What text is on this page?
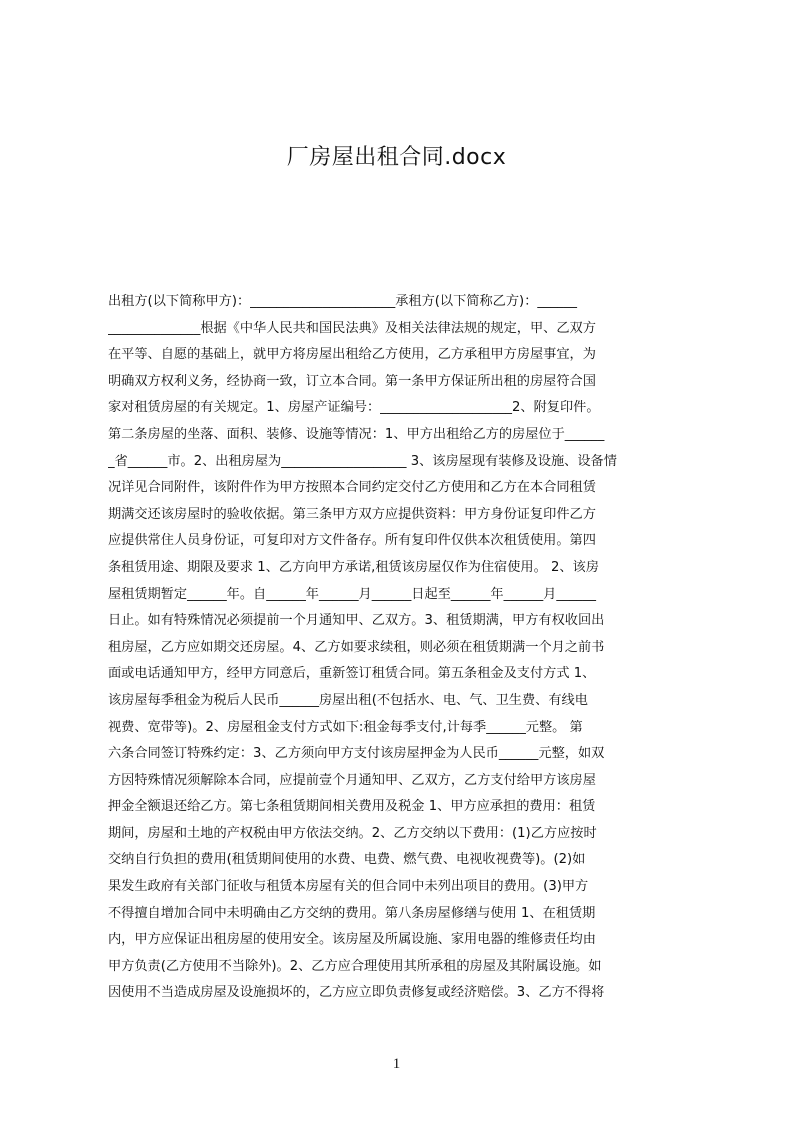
厂房屋出租合同.docx
出租方(以下简称甲方)：______________________承租方(以下简称乙方)：______
______________根据《中华人民共和国民法典》及相关法律法规的规定，甲、乙双方
在平等、自愿的基础上，就甲方将房屋出租给乙方使用，乙方承租甲方房屋事宜，为
明确双方权利义务，经协商一致，订立本合同。第一条甲方保证所出租的房屋符合国
家对租赁房屋的有关规定。1、房屋产证编号：____________________2、附复印件。
第二条房屋的坐落、面积、装修、设施等情况：1、甲方出租给乙方的房屋位于______
_省______市。2、出租房屋为___________________ 3、该房屋现有装修及设施、设备情
况详见合同附件，该附件作为甲方按照本合同约定交付乙方使用和乙方在本合同租赁
期满交还该房屋时的验收依据。第三条甲方双方应提供资料：甲方身份证复印件乙方
应提供常住人员身份证，可复印对方文件备存。所有复印件仅供本次租赁使用。第四
条租赁用途、期限及要求 1、乙方向甲方承诺,租赁该房屋仅作为住宿使用。 2、该房
屋租赁期暂定______年。自______年______月______日起至______年______月______
日止。如有特殊情况必须提前一个月通知甲、乙双方。3、租赁期满，甲方有权收回出
租房屋，乙方应如期交还房屋。4、乙方如要求续租，则必须在租赁期满一个月之前书
面或电话通知甲方，经甲方同意后，重新签订租赁合同。第五条租金及支付方式 1、
该房屋每季租金为税后人民币______房屋出租(不包括水、电、气、卫生费、有线电
视费、宽带等)。2、房屋租金支付方式如下:租金每季支付,计每季______元整。 第
六条合同签订特殊约定：3、乙方须向甲方支付该房屋押金为人民币______元整，如双
方因特殊情况须解除本合同，应提前壹个月通知甲、乙双方，乙方支付给甲方该房屋
押金全额退还给乙方。第七条租赁期间相关费用及税金 1、甲方应承担的费用：租赁
期间，房屋和土地的产权税由甲方依法交纳。2、乙方交纳以下费用：(1)乙方应按时
交纳自行负担的费用(租赁期间使用的水费、电费、燃气费、电视收视费等)。(2)如
果发生政府有关部门征收与租赁本房屋有关的但合同中未列出项目的费用。(3)甲方
不得擅自增加合同中未明确由乙方交纳的费用。第八条房屋修缮与使用 1、在租赁期
内，甲方应保证出租房屋的使用安全。该房屋及所属设施、家用电器的维修责任均由
甲方负责(乙方使用不当除外)。2、乙方应合理使用其所承租的房屋及其附属设施。如
因使用不当造成房屋及设施损坏的，乙方应立即负责修复或经济赔偿。3、乙方不得将
1
